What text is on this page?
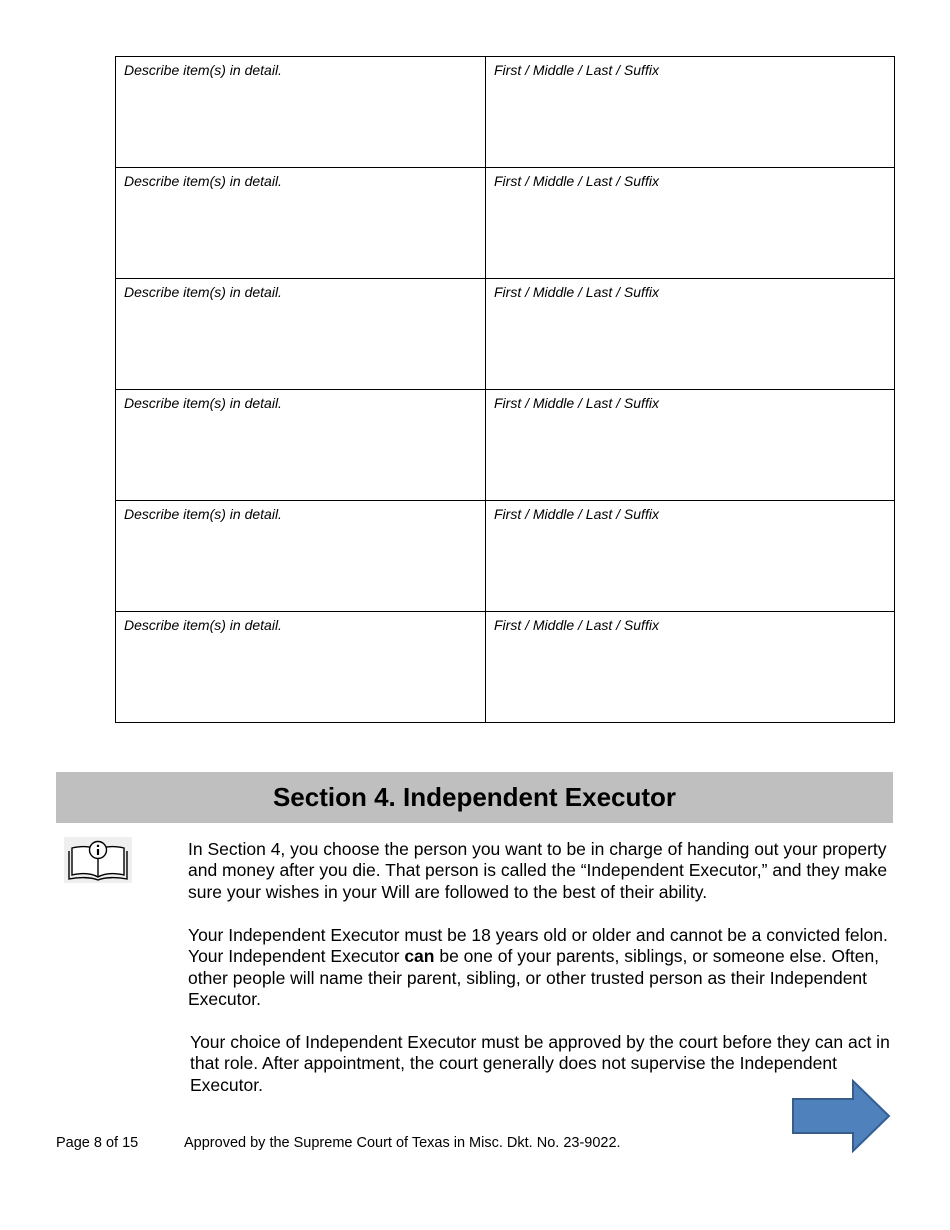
Describe item(s) in detail.	First / Middle / Last / Suffix
Describe item(s) in detail.	First / Middle / Last / Suffix
Describe item(s) in detail.	First / Middle / Last / Suffix
Describe item(s) in detail.	First / Middle / Last / Suffix
Describe item(s) in detail.	First / Middle / Last / Suffix
Describe item(s) in detail.	First / Middle / Last / Suffix
Section 4. Independent Executor

In Section 4, you choose the person you want to be in charge of handing out your property and money after you die. That person is called the “Independent Executor,” and they make sure your wishes in your Will are followed to the best of their ability.

Your Independent Executor must be 18 years old or older and cannot be a convicted felon. Your Independent Executor can be one of your parents, siblings, or someone else. Often, other people will name their parent, sibling, or other trusted person as their Independent Executor.

Your choice of Independent Executor must be approved by the court before they can act in that role. After appointment, the court generally does not supervise the Independent Executor.

Page 8 of 15	Approved by the Supreme Court of Texas in Misc. Dkt. No. 23-9022.
